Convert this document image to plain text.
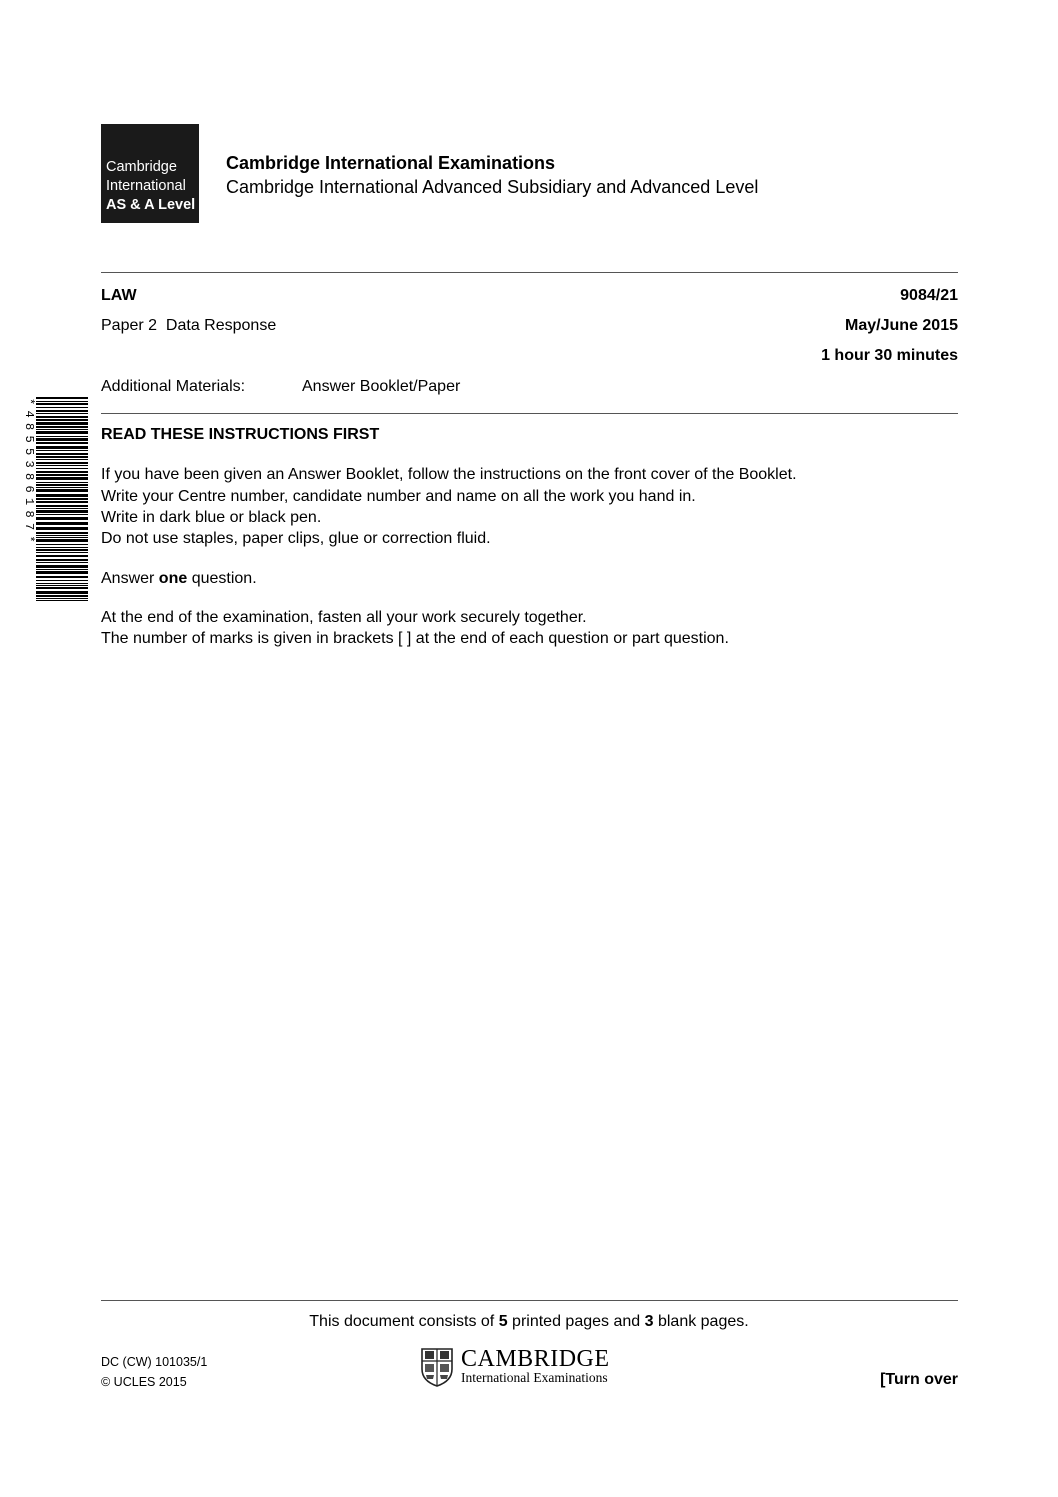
Cambridge
International
AS & A Level
Cambridge International Examinations
Cambridge International Advanced Subsidiary and Advanced Level
LAW	9084/21
Paper 2  Data Response	May/June 2015
1 hour 30 minutes
Additional Materials:	Answer Booklet/Paper
*4855386187*	READ THESE INSTRUCTIONS FIRST
If you have been given an Answer Booklet, follow the instructions on the front cover of the Booklet.
Write your Centre number, candidate number and name on all the work you hand in.
Write in dark blue or black pen.
Do not use staples, paper clips, glue or correction fluid.
Answer one question.
At the end of the examination, fasten all your work securely together.
The number of marks is given in brackets [ ] at the end of each question or part question.
This document consists of 5 printed pages and 3 blank pages.
DC (CW) 101035/1
© UCLES 2015
CAMBRIDGE
International Examinations	[Turn over
